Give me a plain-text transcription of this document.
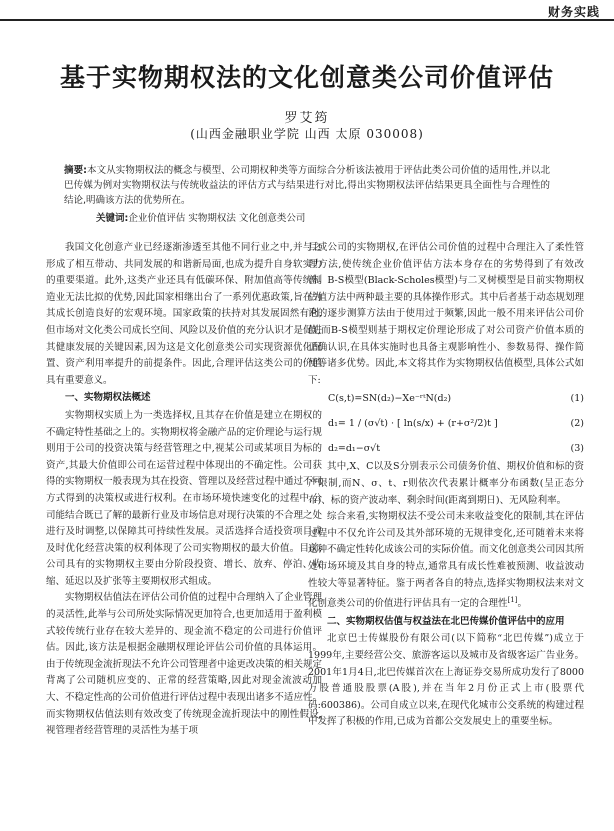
财务实践
基于实物期权法的文化创意类公司价值评估
罗艾筠
(山西金融职业学院 山西 太原 030008)
摘要:本文从实物期权法的概念与模型、公司期权种类等方面综合分析该法被用于评估此类公司价值的适用性,并以北巴传媒为例对实物期权法与传统收益法的评估方式与结果进行对比,得出实物期权法评估结果更具全面性与合理性的结论,明确该方法的优势所在。
关键词:企业价值评估 实物期权法 文化创意类公司

我国文化创意产业已经逐渐渗透至其他不同行业之中,并与之形成了相互带动、共同发展的和谐新局面,也成为提升自身软实力的重要渠道。此外,这类产业还具有低碳环保、附加值高等传统制造业无法比拟的优势,因此国家相继出台了一系列优惠政策,旨在为其成长创造良好的宏观环境。国家政策的扶持对其发展固然有利,但市场对文化类公司成长空间、风险以及价值的充分认识才是促进其健康发展的关键因素,因为这是文化创意类公司实现资源优化配置、资产利用率提升的前提条件。因此,合理评估这类公司的价值具有重要意义。

一、实物期权法概述

实物期权实质上为一类选择权,且其存在价值是建立在期权的不确定特性基础之上的。实物期权将金融产品的定价理论与运行规则用于公司的投资决策与经营管理之中,视某公司或某项目为标的资产,其最大价值即公司在运营过程中体现出的不确定性。公司获得的实物期权一般表现为其在投资、管理以及经营过程中通过不同方式得到的决策权或进行权利。在市场环境快速变化的过程中,公司能结合既已了解的最新行业及市场信息对现行决策的不合理之处进行及时调整,以保障其可持续性发展。灵活选择合适投资项目或及时优化经营决策的权利体现了公司实物期权的最大价值。目前,公司具有的实物期权主要由分阶段投资、增长、放弃、停泊、收缩、延迟以及扩张等主要期权形式组成。

实物期权估值法在评估公司价值的过程中合理纳入了企业管理的灵活性,此举与公司所处实际情况更加符合,也更加适用于盈利模式较传统行业存在较大差异的、现金流不稳定的公司进行价值评估。因此,该方法是根据金融期权理论评估公司价值的具体运用。由于传统现金流折现法不允许公司管理者中途更改决策的相关规定背离了公司随机应变的、正常的经营策略,因此对现金流波动加大、不稳定性高的公司价值进行评估过程中表现出诸多不适应性。而实物期权估值法则有效改变了传统现金流折现法中的刚性假设,视管理者经营管理的灵活性为基于项

目或公司的实物期权,在评估公司价值的过程中合理注入了柔性管理方法,使传统企业价值评估方法本身存在的劣势得到了有效改善。B-S模型(Black-Scholes模型)与二叉树模型是目前实物期权估值方法中两种最主要的具体操作形式。其中后者基于动态规划理论的逐步测算方法由于使用过于频繁,因此一般不用来评估公司价值,而B-S模型则基于期权定价理论形成了对公司资产价值本质的正确认识,在具体实施时也具备主观影响性小、参数易得、操作简便等诸多优势。因此,本文将其作为实物期权估值模型,具体公式如下:

C(s,t)=SN(d₂)−Xe⁻ʳᵗN(d₂)	(1)
d₁= 1 / (σ√t) · [ ln(s/x) + (r+σ²/2)t ]	(2)
d₂=d₁−σ√t	(3)

其中,X、C以及S分别表示公司债务价值、期权价值和标的资产限制,而N、σ、t、r则依次代表累计概率分布函数(呈正态分布)、标的资产波动率、剩余时间(距离到期日)、无风险利率。

综合来看,实物期权法不受公司未来收益变化的限制,其在评估过程中不仅允许公司及其外部环境的无规律变化,还可随着未来将这种不确定性转化成该公司的实际价值。而文化创意类公司因其所处市场环境及其自身的特点,通常具有成长性难被预测、收益波动性较大等显著特征。鉴于两者各自的特点,选择实物期权法来对文化创意类公司的价值进行评估具有一定的合理性[1]。

二、实物期权估值与权益法在北巴传媒价值评估中的应用

北京巴士传媒股份有限公司(以下简称“北巴传媒”)成立于1999年,主要经营公交、旅游客运以及城市及省级客运广告业务。2001年1月4日,北巴传媒首次在上海证券交易所成功发行了8000万股普通股股票(A股),并在当年2月份正式上市(股票代码:600386)。公司自成立以来,在现代化城市公交系统的构建过程中发挥了积极的作用,已成为首都公交发展史上的重要坐标。
